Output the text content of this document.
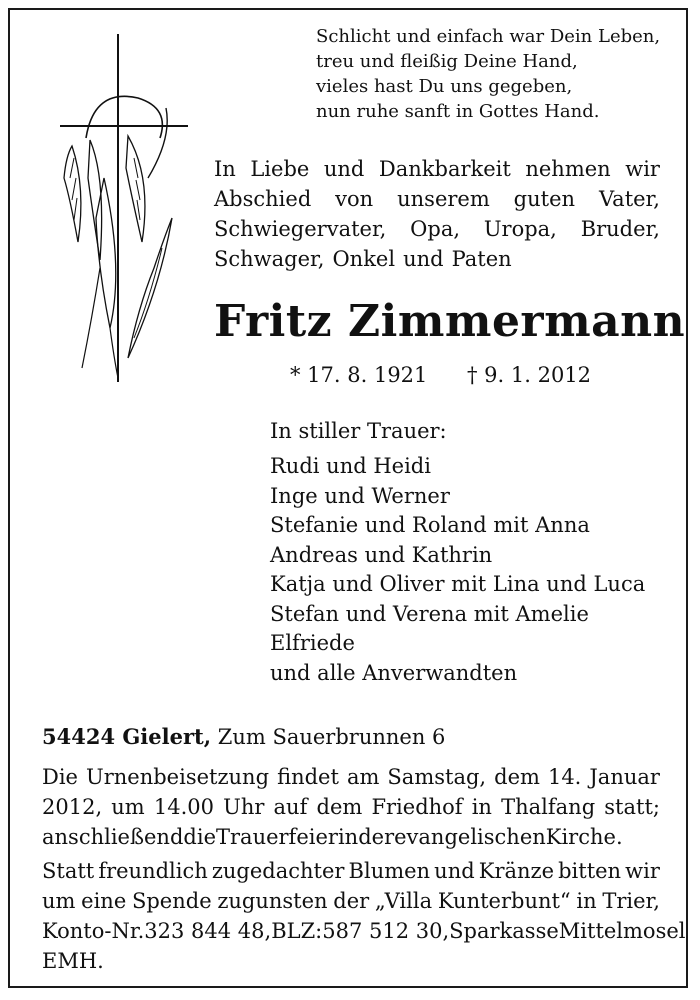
Schlicht und einfach war Dein Leben,
treu und fleißig Deine Hand,
vieles hast Du uns gegeben,
nun ruhe sanft in Gottes Hand.
In Liebe und Dankbarkeit nehmen wir
Abschied von unserem guten Vater,
Schwiegervater, Opa, Uropa, Bruder,
Schwager, Onkel und Paten
Fritz Zimmermann
* 17. 8. 1921 † 9. 1. 2012
In stiller Trauer:
Rudi und Heidi
Inge und Werner
Stefanie und Roland mit Anna
Andreas und Kathrin
Katja und Oliver mit Lina und Luca
Stefan und Verena mit Amelie
Elfriede
und alle Anverwandten
54424 Gielert, Zum Sauerbrunnen 6
Die Urnenbeisetzung findet am Samstag, dem 14. Januar
2012, um 14.00 Uhr auf dem Friedhof in Thalfang statt;
anschließend die Trauerfeier in der evangelischen Kirche.
Statt freundlich zugedachter Blumen und Kränze bitten wir
um eine Spende zugunsten der „Villa Kunterbunt“ in Trier,
Konto-Nr. 323 844 48, BLZ: 587 512 30, Sparkasse Mittelmosel
EMH.
